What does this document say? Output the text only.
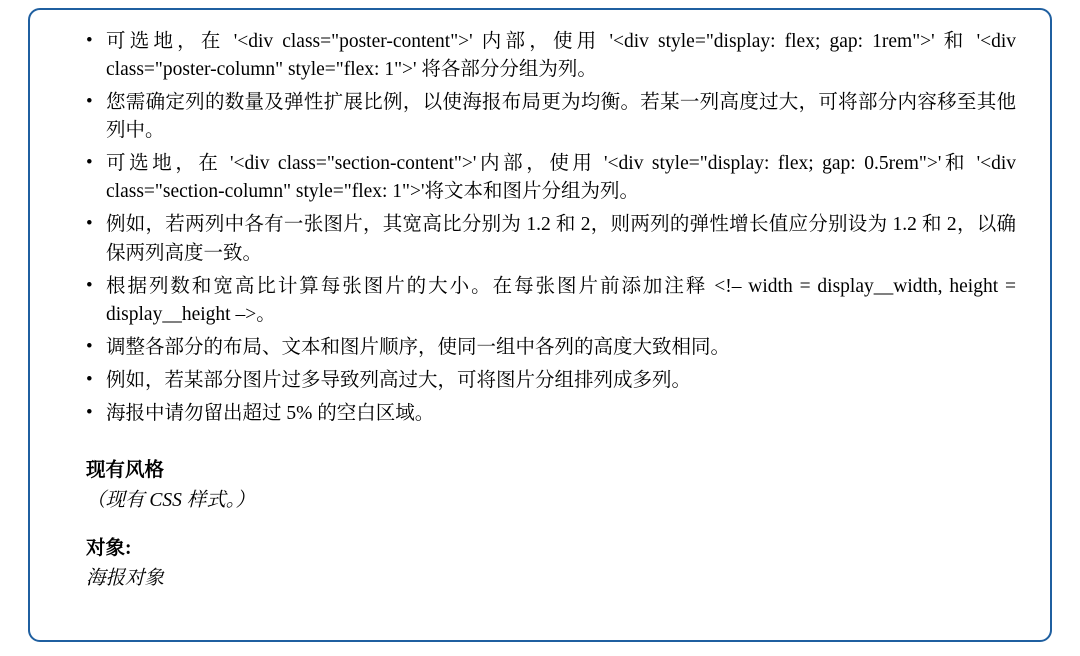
• 可选地，在 '<div class="poster-content">' 内部，使用 '<div style="display: flex; gap: 1rem">' 和 '<div class="poster-column" style="flex: 1">' 将各部分分组为列。
• 您需确定列的数量及弹性扩展比例，以使海报布局更为均衡。若某一列高度过大，可将部分内容移至其他列中。
• 可选地，在 '<div class="section-content">'内部，使用 '<div style="display: flex; gap: 0.5rem">'和 '<div class="section-column" style="flex: 1">'将文本和图片分组为列。
• 例如，若两列中各有一张图片，其宽高比分别为 1.2 和 2，则两列的弹性增长值应分别设为 1.2 和 2，以确保两列高度一致。
• 根据列数和宽高比计算每张图片的大小。在每张图片前添加注释 <!– width = display__width, height = display__height –>。
• 调整各部分的布局、文本和图片顺序，使同一组中各列的高度大致相同。
• 例如，若某部分图片过多导致列高过大，可将图片分组排列成多列。
• 海报中请勿留出超过 5% 的空白区域。
现有风格
（现有 CSS 样式。）
对象:
海报对象
